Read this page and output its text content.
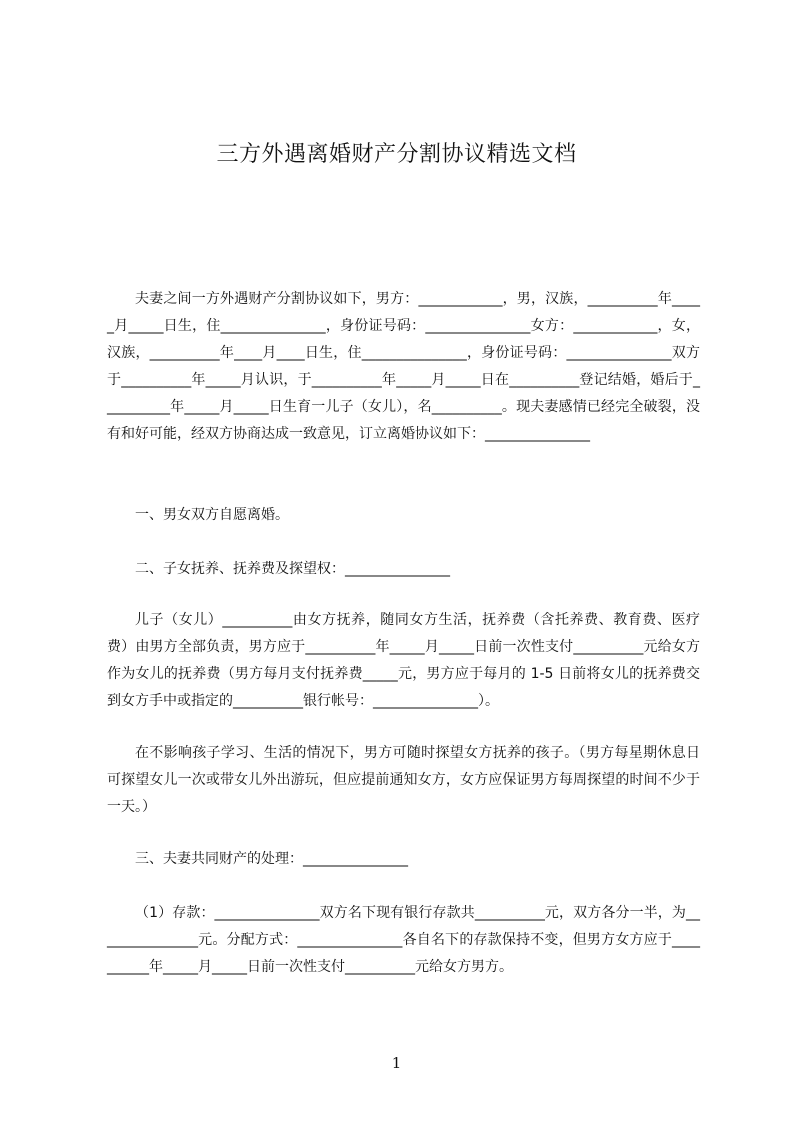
三方外遇离婚财产分割协议精选文档

夫妻之间一方外遇财产分割协议如下，男方：____________，男，汉族，__________年_____月_____日生，住_______________，身份证号码：_______________女方：____________，女，汉族，__________年____月____日生，住_______________，身份证号码：_______________双方于__________年_____月认识，于__________年_____月_____日在__________登记结婚，婚后于__________年_____月_____日生育一儿子（女儿），名__________。现夫妻感情已经完全破裂，没有和好可能，经双方协商达成一致意见，订立离婚协议如下：_______________

一、男女双方自愿离婚。

二、子女抚养、抚养费及探望权：_______________

儿子（女儿）__________由女方抚养，随同女方生活，抚养费（含托养费、教育费、医疗费）由男方全部负责，男方应于__________年_____月_____日前一次性支付__________元给女方作为女儿的抚养费（男方每月支付抚养费_____元，男方应于每月的 1-5 日前将女儿的抚养费交到女方手中或指定的__________银行帐号：_______________）。

在不影响孩子学习、生活的情况下，男方可随时探望女方抚养的孩子。（男方每星期休息日可探望女儿一次或带女儿外出游玩，但应提前通知女方，女方应保证男方每周探望的时间不少于一天。）

三、夫妻共同财产的处理：_______________

（1）存款：_______________双方名下现有银行存款共__________元，双方各分一半，为_______________元。分配方式：_______________各自名下的存款保持不变，但男方女方应于__________年_____月_____日前一次性支付__________元给女方男方。

1
